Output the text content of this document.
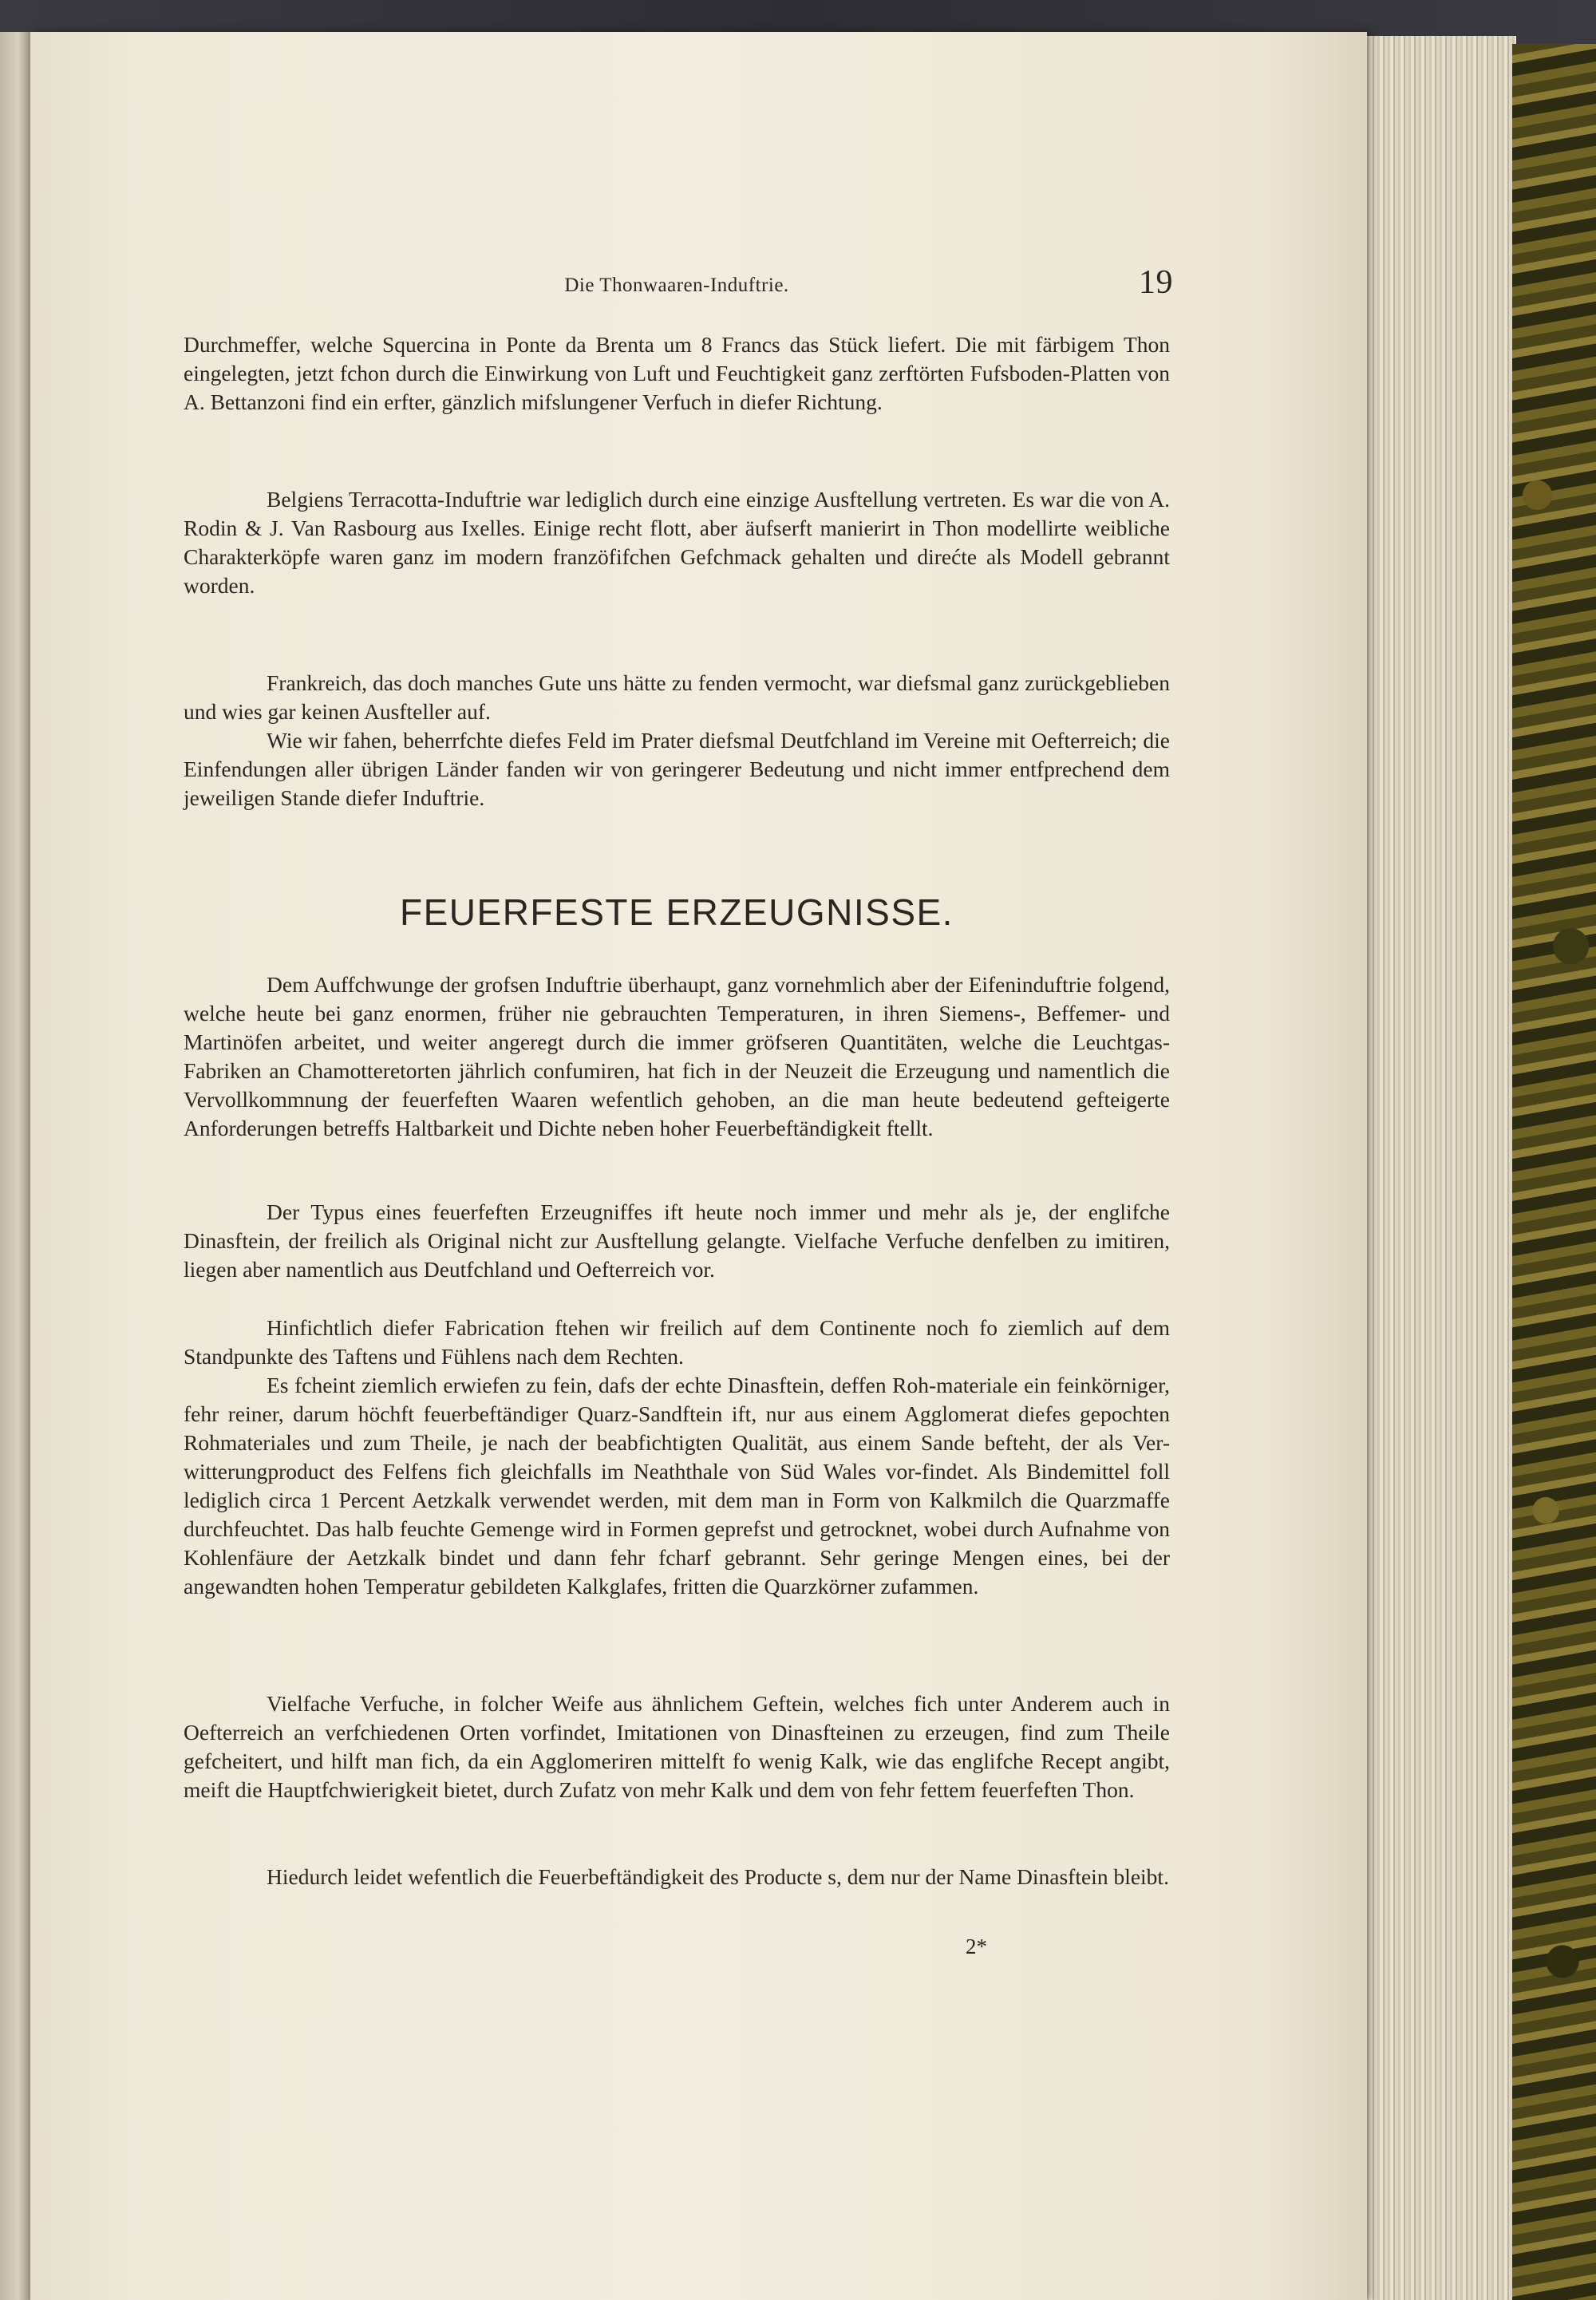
Die Thonwaaren-Induftrie.	19

Durchmeffer, welche Squercina in Ponte da Brenta um 8 Francs das Stück liefert. Die mit färbigem Thon eingelegten, jetzt fchon durch die Einwirkung von Luft und Feuchtigkeit ganz zerftörten Fufsboden-Platten von A. Bettanzoni find ein erfter, gänzlich mifslungener Verfuch in diefer Richtung.

Belgiens Terracotta-Induftrie war lediglich durch eine einzige Ausftellung vertreten. Es war die von A. Rodin & J. Van Rasbourg aus Ixelles. Einige recht flott, aber äufserft manierirt in Thon modellirte weibliche Charakterköpfe waren ganz im modern franzöfifchen Gefchmack gehalten und direćte als Modell gebrannt worden.

Frankreich, das doch manches Gute uns hätte zu fenden vermocht, war diefsmal ganz zurückgeblieben und wies gar keinen Ausfteller auf.

Wie wir fahen, beherrfchte diefes Feld im Prater diefsmal Deutfchland im Vereine mit Oefterreich; die Einfendungen aller übrigen Länder fanden wir von geringerer Bedeutung und nicht immer entfprechend dem jeweiligen Stande diefer Induftrie.

FEUERFESTE ERZEUGNISSE.

Dem Auffchwunge der grofsen Induftrie überhaupt, ganz vornehmlich aber der Eifeninduftrie folgend, welche heute bei ganz enormen, früher nie gebrauchten Temperaturen, in ihren Siemens-, Beffemer- und Martinöfen arbeitet, und weiter angeregt durch die immer gröfseren Quantitäten, welche die Leuchtgas-Fabriken an Chamotteretorten jährlich confumiren, hat fich in der Neuzeit die Erzeugung und namentlich die Vervollkommnung der feuerfeften Waaren wefentlich gehoben, an die man heute bedeutend gefteigerte Anforderungen betreffs Haltbarkeit und Dichte neben hoher Feuerbeftändigkeit ftellt.

Der Typus eines feuerfeften Erzeugniffes ift heute noch immer und mehr als je, der englifche Dinasftein, der freilich als Original nicht zur Ausftellung gelangte. Vielfache Verfuche denfelben zu imitiren, liegen aber namentlich aus Deutfchland und Oefterreich vor.

Hinfichtlich diefer Fabrication ftehen wir freilich auf dem Continente noch fo ziemlich auf dem Standpunkte des Taftens und Fühlens nach dem Rechten.

Es fcheint ziemlich erwiefen zu fein, dafs der echte Dinasftein, deffen Roh-materiale ein feinkörniger, fehr reiner, darum höchft feuerbeftändiger Quarz-Sandftein ift, nur aus einem Agglomerat diefes gepochten Rohmateriales und zum Theile, je nach der beabfichtigten Qualität, aus einem Sande befteht, der als Ver-witterungproduct des Felfens fich gleichfalls im Neaththale von Süd Wales vor-findet. Als Bindemittel foll lediglich circa 1 Percent Aetzkalk verwendet werden, mit dem man in Form von Kalkmilch die Quarzmaffe durchfeuchtet. Das halb feuchte Gemenge wird in Formen geprefst und getrocknet, wobei durch Aufnahme von Kohlenfäure der Aetzkalk bindet und dann fehr fcharf gebrannt. Sehr geringe Mengen eines, bei der angewandten hohen Temperatur gebildeten Kalkglafes, fritten die Quarzkörner zufammen.

Vielfache Verfuche, in folcher Weife aus ähnlichem Geftein, welches fich unter Anderem auch in Oefterreich an verfchiedenen Orten vorfindet, Imitationen von Dinasfteinen zu erzeugen, find zum Theile gefcheitert, und hilft man fich, da ein Agglomeriren mittelft fo wenig Kalk, wie das englifche Recept angibt, meift die Hauptfchwierigkeit bietet, durch Zufatz von mehr Kalk und dem von fehr fettem feuerfeften Thon.

Hiedurch leidet wefentlich die Feuerbeftändigkeit des Producte s, dem nur der Name Dinasftein bleibt.

2*
